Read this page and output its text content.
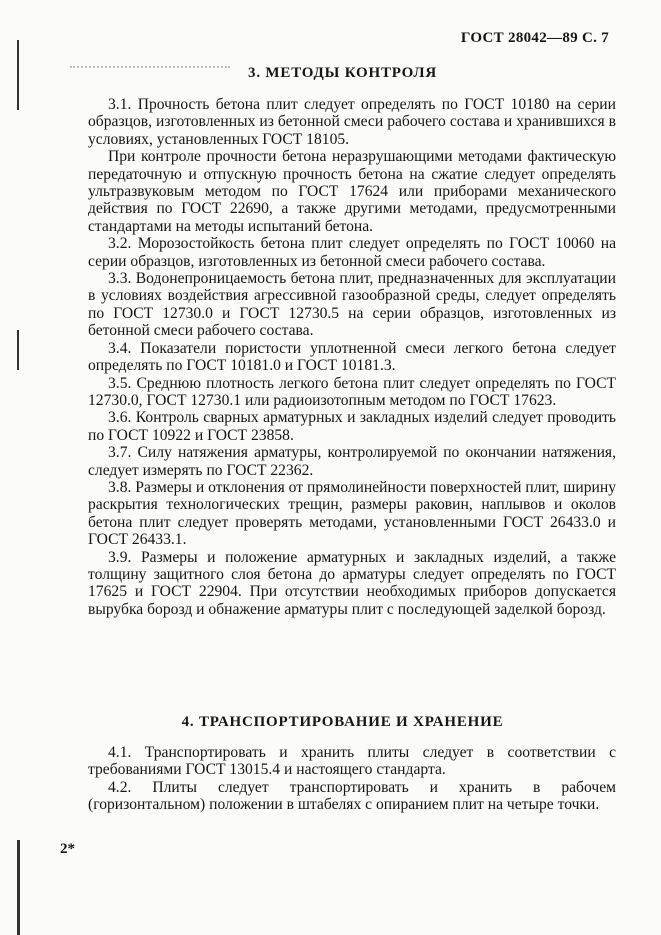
ГОСТ 28042—89 С. 7
3. МЕТОДЫ КОНТРОЛЯ

3.1. Прочность бетона плит следует определять по ГОСТ 10180 на серии образцов, изготовленных из бетонной смеси рабочего состава и хранившихся в условиях, установленных ГОСТ 18105.

При контроле прочности бетона неразрушающими методами фактическую передаточную и отпускную прочность бетона на сжатие следует определять ультразвуковым методом по ГОСТ 17624 или приборами механического действия по ГОСТ 22690, а также другими методами, предусмотренными стандартами на методы испытаний бетона.

3.2. Морозостойкость бетона плит следует определять по ГОСТ 10060 на серии образцов, изготовленных из бетонной смеси рабочего состава.

3.3. Водонепроницаемость бетона плит, предназначенных для эксплуатации в условиях воздействия агрессивной газообразной среды, следует определять по ГОСТ 12730.0 и ГОСТ 12730.5 на серии образцов, изготовленных из бетонной смеси рабочего состава.

3.4. Показатели пористости уплотненной смеси легкого бетона следует определять по ГОСТ 10181.0 и ГОСТ 10181.3.

3.5. Среднюю плотность легкого бетона плит следует определять по ГОСТ 12730.0, ГОСТ 12730.1 или радиоизотопным методом по ГОСТ 17623.

3.6. Контроль сварных арматурных и закладных изделий следует проводить по ГОСТ 10922 и ГОСТ 23858.

3.7. Силу натяжения арматуры, контролируемой по окончании натяжения, следует измерять по ГОСТ 22362.

3.8. Размеры и отклонения от прямолинейности поверхностей плит, ширину раскрытия технологических трещин, размеры раковин, наплывов и околов бетона плит следует проверять методами, установленными ГОСТ 26433.0 и ГОСТ 26433.1.

3.9. Размеры и положение арматурных и закладных изделий, а также толщину защитного слоя бетона до арматуры следует определять по ГОСТ 17625 и ГОСТ 22904. При отсутствии необходимых приборов допускается вырубка борозд и обнажение арматуры плит с последующей заделкой борозд.

4. ТРАНСПОРТИРОВАНИЕ И ХРАНЕНИЕ

4.1. Транспортировать и хранить плиты следует в соответствии с требованиями ГОСТ 13015.4 и настоящего стандарта.

4.2. Плиты следует транспортировать и хранить в рабочем (горизонтальном) положении в штабелях с опиранием плит на четыре точки.

2*
